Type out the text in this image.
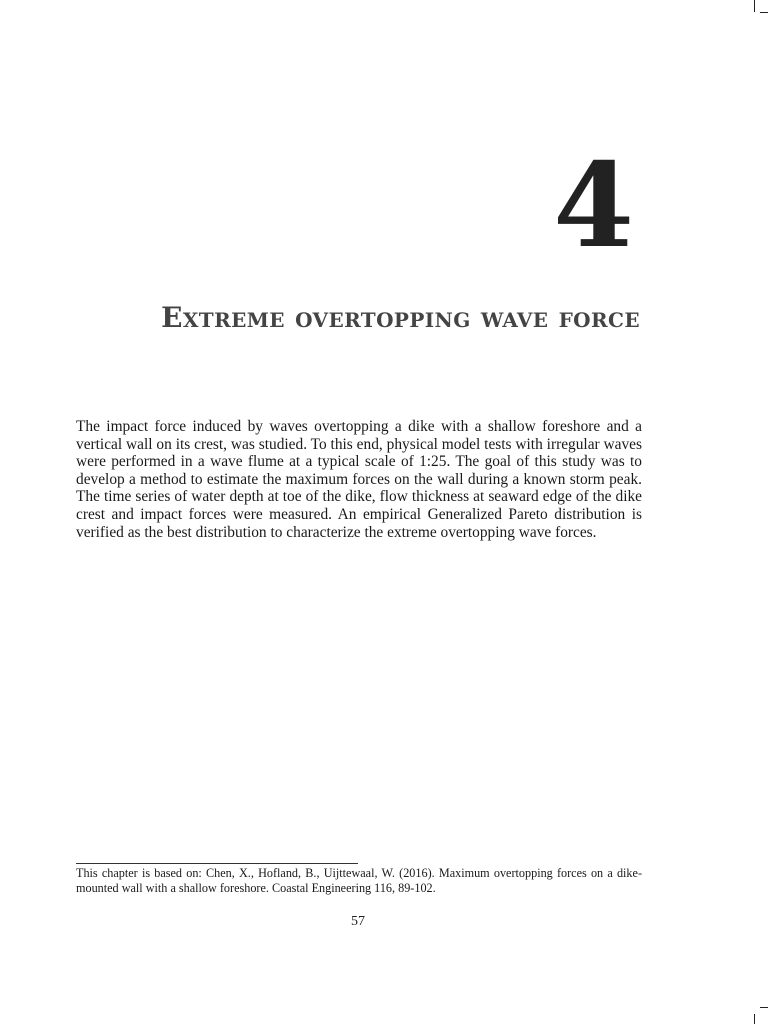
4
Extreme overtopping wave force

The impact force induced by waves overtopping a dike with a shallow foreshore and a vertical wall on its crest, was studied. To this end, physical model tests with irregular waves were performed in a wave flume at a typical scale of 1:25. The goal of this study was to develop a method to estimate the maximum forces on the wall during a known storm peak. The time series of water depth at toe of the dike, flow thickness at seaward edge of the dike crest and impact forces were measured. An empirical Generalized Pareto distribution is verified as the best distribution to characterize the extreme overtopping wave forces.

This chapter is based on: Chen, X., Hofland, B., Uijttewaal, W. (2016). Maximum overtopping forces on a dike-mounted wall with a shallow foreshore. Coastal Engineering 116, 89-102.

57
